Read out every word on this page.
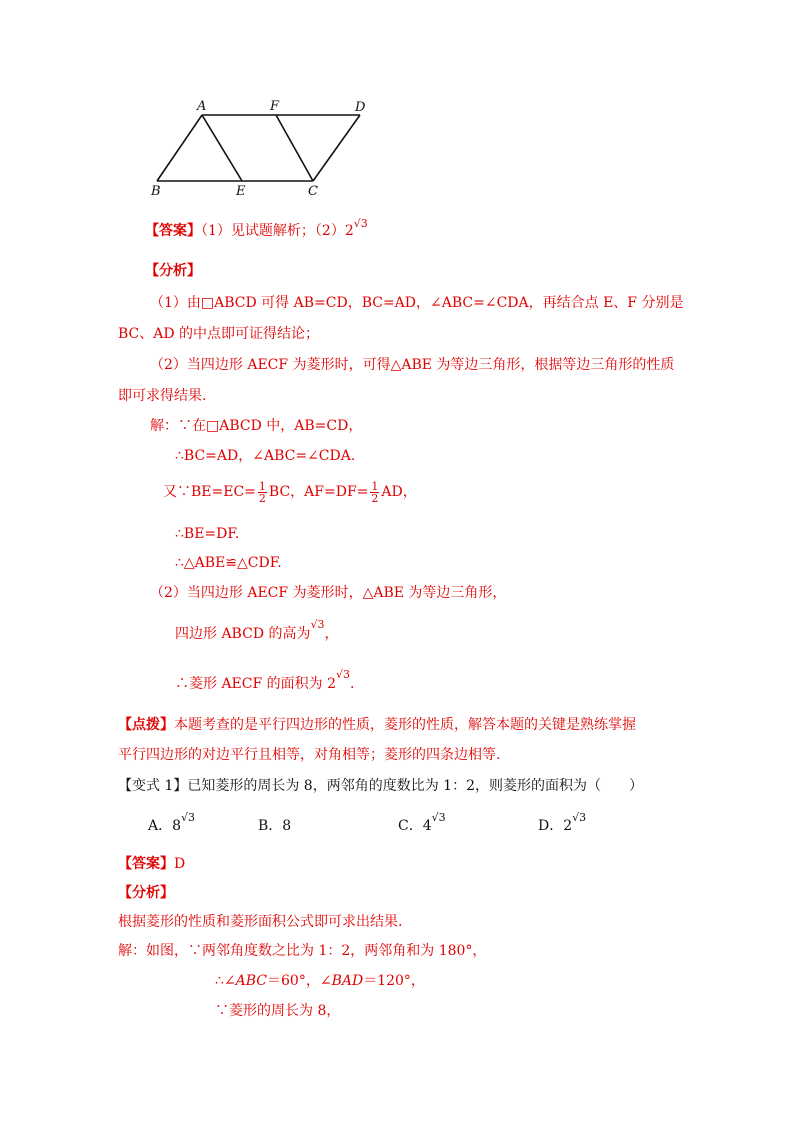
A	F	D
B	E	C
【答案】（1）见试题解析；$(2)2^{√3}$
【分析】
（1）由□ABCD 可得 AB=CD，BC=AD，∠ABC=∠CDA，再结合点 E、F 分别是
BC、AD 的中点即可证得结论；
（2）当四边形 AECF 为菱形时，可得△ABE 为等边三角形，根据等边三角形的性质
即可求得结果.
解：∵在□ABCD 中，AB=CD，
∴BC=AD，∠ABC=∠CDA.
又∵BE=EC= $\frac{1}{2}$ BC，$AF=DF= \frac{1}{2}$ AD，
∴BE=DF.
∴△ABE≌△CDF.
（2）当四边形 AECF 为菱形时，△ABE 为等边三角形，
四边形 ABCD 的高为$^{√3}$，
∴菱形 AECF 的面积为 $2^{√3}$.
【点拨】本题考查的是平行四边形的性质，菱形的性质，解答本题的关键是熟练掌握
平行四边形的对边平行且相等，对角相等；菱形的四条边相等.
【变式 1】已知菱形的周长为 8，两邻角的度数比为 1：2，则菱形的面积为（　　）
A．$8^{√3}$
B．8	C．$4^{√3}$
D．$2^{√3}$
【答案】D
【分析】
根据菱形的性质和菱形面积公式即可求出结果.
解：如图，∵两邻角度数之比为 1：2，两邻角和为 180°，
∴∠ABC＝60°，∠BAD＝120°，
∵菱形的周长为 8，
